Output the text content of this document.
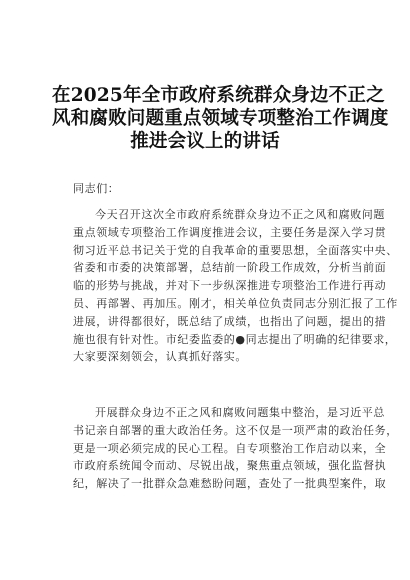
在2025年全市政府系统群众身边不正之
风和腐败问题重点领域专项整治工作调度
推进会议上的讲话

同志们：

今天召开这次全市政府系统群众身边不正之风和腐败问题
重点领域专项整治工作调度推进会议，主要任务是深入学习贯
彻习近平总书记关于党的自我革命的重要思想，全面落实中央、
省委和市委的决策部署，总结前一阶段工作成效，分析当前面
临的形势与挑战，并对下一步纵深推进专项整治工作进行再动
员、再部署、再加压。刚才，相关单位负责同志分别汇报了工作
进展，讲得都很好，既总结了成绩，也指出了问题，提出的措
施也很有针对性。市纪委监委的●同志提出了明确的纪律要求，
大家要深刻领会，认真抓好落实。

开展群众身边不正之风和腐败问题集中整治，是习近平总
书记亲自部署的重大政治任务。这不仅是一项严肃的政治任务，
更是一项必须完成的民心工程。自专项整治工作启动以来，全
市政府系统闻令而动、尽锐出战，聚焦重点领域，强化监督执
纪，解决了一批群众急难愁盼问题，查处了一批典型案件，取
